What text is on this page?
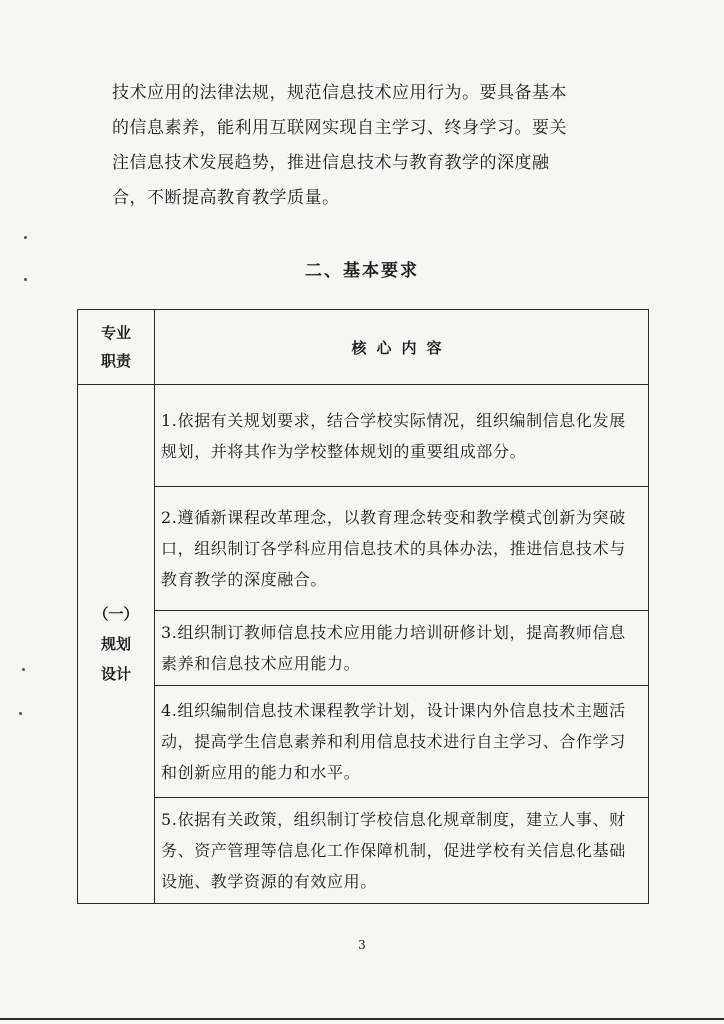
技术应用的法律法规，规范信息技术应用行为。要具备基本

的信息素养，能利用互联网实现自主学习、终身学习。要关

注信息技术发展趋势，推进信息技术与教育教学的深度融

合，不断提高教育教学质量。

二、基本要求
专业
职责	核心内容

（一）
规划
设计	1.依据有关规划要求，结合学校实际情况，组织编制信息化发展规划，并将其作为学校整体规划的重要组成部分。
	2.遵循新课程改革理念，以教育理念转变和教学模式创新为突破口，组织制订各学科应用信息技术的具体办法，推进信息技术与教育教学的深度融合。
	3.组织制订教师信息技术应用能力培训研修计划，提高教师信息素养和信息技术应用能力。
	4.组织编制信息技术课程教学计划，设计课内外信息技术主题活动，提高学生信息素养和利用信息技术进行自主学习、合作学习和创新应用的能力和水平。
	5.依据有关政策，组织制订学校信息化规章制度，建立人事、财务、资产管理等信息化工作保障机制，促进学校有关信息化基础设施、教学资源的有效应用。
3
